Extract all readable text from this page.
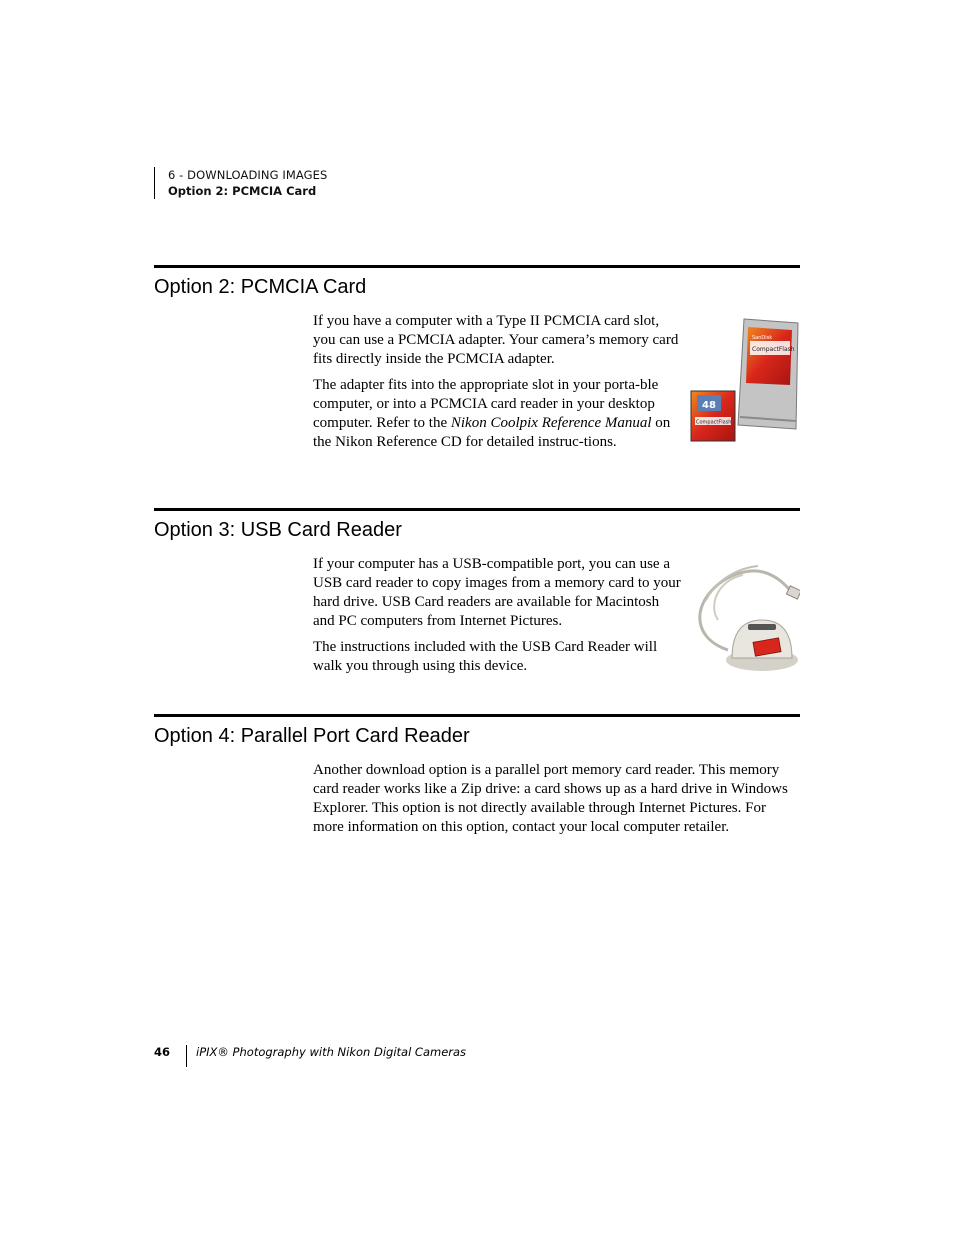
6 - DOWNLOADING IMAGES
Option 2: PCMCIA Card
Option 2: PCMCIA Card

If you have a computer with a Type II PCMCIA card slot, you can use a PCMCIA adapter. Your camera’s memory card fits directly inside the PCMCIA adapter.

The adapter fits into the appropriate slot in your porta-ble computer, or into a PCMCIA card reader in your desktop computer. Refer to the Nikon Coolpix Reference Manual on the Nikon Reference CD for detailed instruc-tions.

CompactFlash
SanDisk
48
CompactFlash
Option 3: USB Card Reader

If your computer has a USB-compatible port, you can use a USB card reader to copy images from a memory card to your hard drive. USB Card readers are available for Macintosh and PC computers from Internet Pictures.

The instructions included with the USB Card Reader will walk you through using this device.

Option 4: Parallel Port Card Reader

Another download option is a parallel port memory card reader. This memory card reader works like a Zip drive: a card shows up as a hard drive in Windows Explorer. This option is not directly available through Internet Pictures. For more information on this option, contact your local computer retailer.

46	iPIX® Photography with Nikon Digital Cameras
